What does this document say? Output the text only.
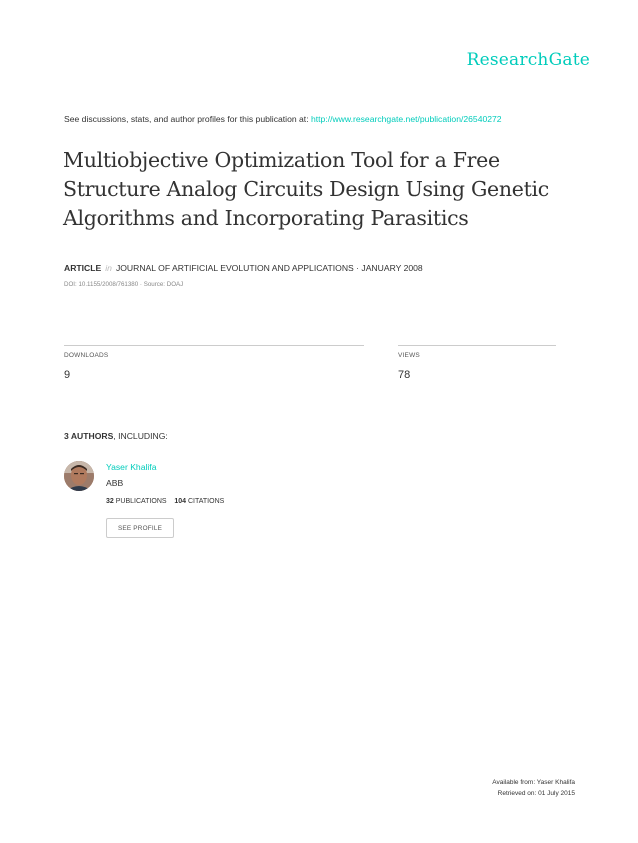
ResearchGate
See discussions, stats, and author profiles for this publication at: http://www.researchgate.net/publication/26540272
Multiobjective Optimization Tool for a Free
Structure Analog Circuits Design Using Genetic
Algorithms and Incorporating Parasitics
ARTICLE in JOURNAL OF ARTIFICIAL EVOLUTION AND APPLICATIONS · JANUARY 2008
DOI: 10.1155/2008/761380 · Source: DOAJ
DOWNLOADS
9
VIEWS
78
3 AUTHORS, INCLUDING:
Yaser Khalifa
ABB
32 PUBLICATIONS 104 CITATIONS
SEE PROFILE
Available from: Yaser Khalifa
Retrieved on: 01 July 2015
